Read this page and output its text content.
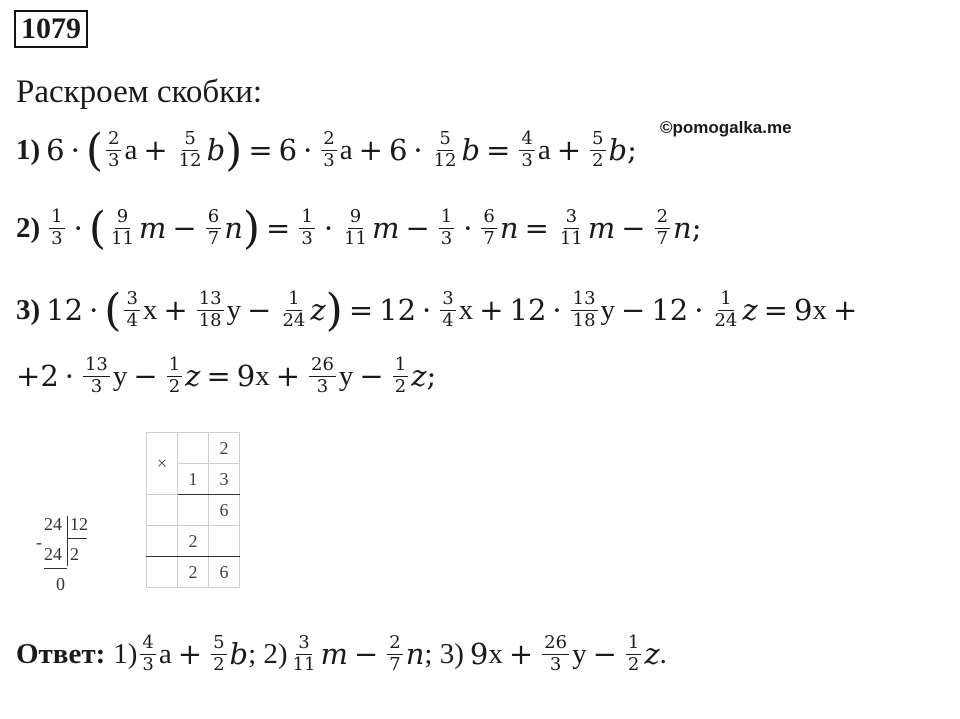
1079
Раскроем скобки:
©pomogalka.me
1) 6 · ( $\frac{2}{3}$ $a + \frac{5}{12}$ b ) = $6 \cdot \frac{2}{3}$ $a + 6 \cdot \frac{5}{12}$ $b = \frac{4}{3}$ $a + \frac{5}{2}$ b ;
$2) \frac{1}{3}$ · ( $\frac{9}{11}$ $m - \frac{6}{7}$ n ) = $\frac{1}{3} \cdot \frac{9}{11}$ $m - \frac{1}{3} \cdot \frac{6}{7}$ $n = \frac{3}{11}$ $m - \frac{2}{7}$ n ;
3) 12 · ( $\frac{3}{4}$ $x + \frac{13}{18}$ $y - \frac{1}{24}$ z ) = $12 \cdot \frac{3}{4}$ $x + 12 \cdot \frac{13}{18}$ $y - 12 \cdot \frac{1}{24}$ z = 9 x +
+ $2 \cdot \frac{13}{3}$ $y - \frac{1}{2}$ z = 9 $x + \frac{26}{3}$ $y - \frac{1}{2}$ z ;
24 12
-
24 2
0
×		2
	1	3
		6
	2	
	2	6
Ответ: $1) \frac{4}{3}$ $a + \frac{5}{2}$ b ; $2) \frac{3}{11}$ $m - \frac{2}{7}$ n ; 3) 9 $x + \frac{26}{3}$ $y - \frac{1}{2}$ z .
